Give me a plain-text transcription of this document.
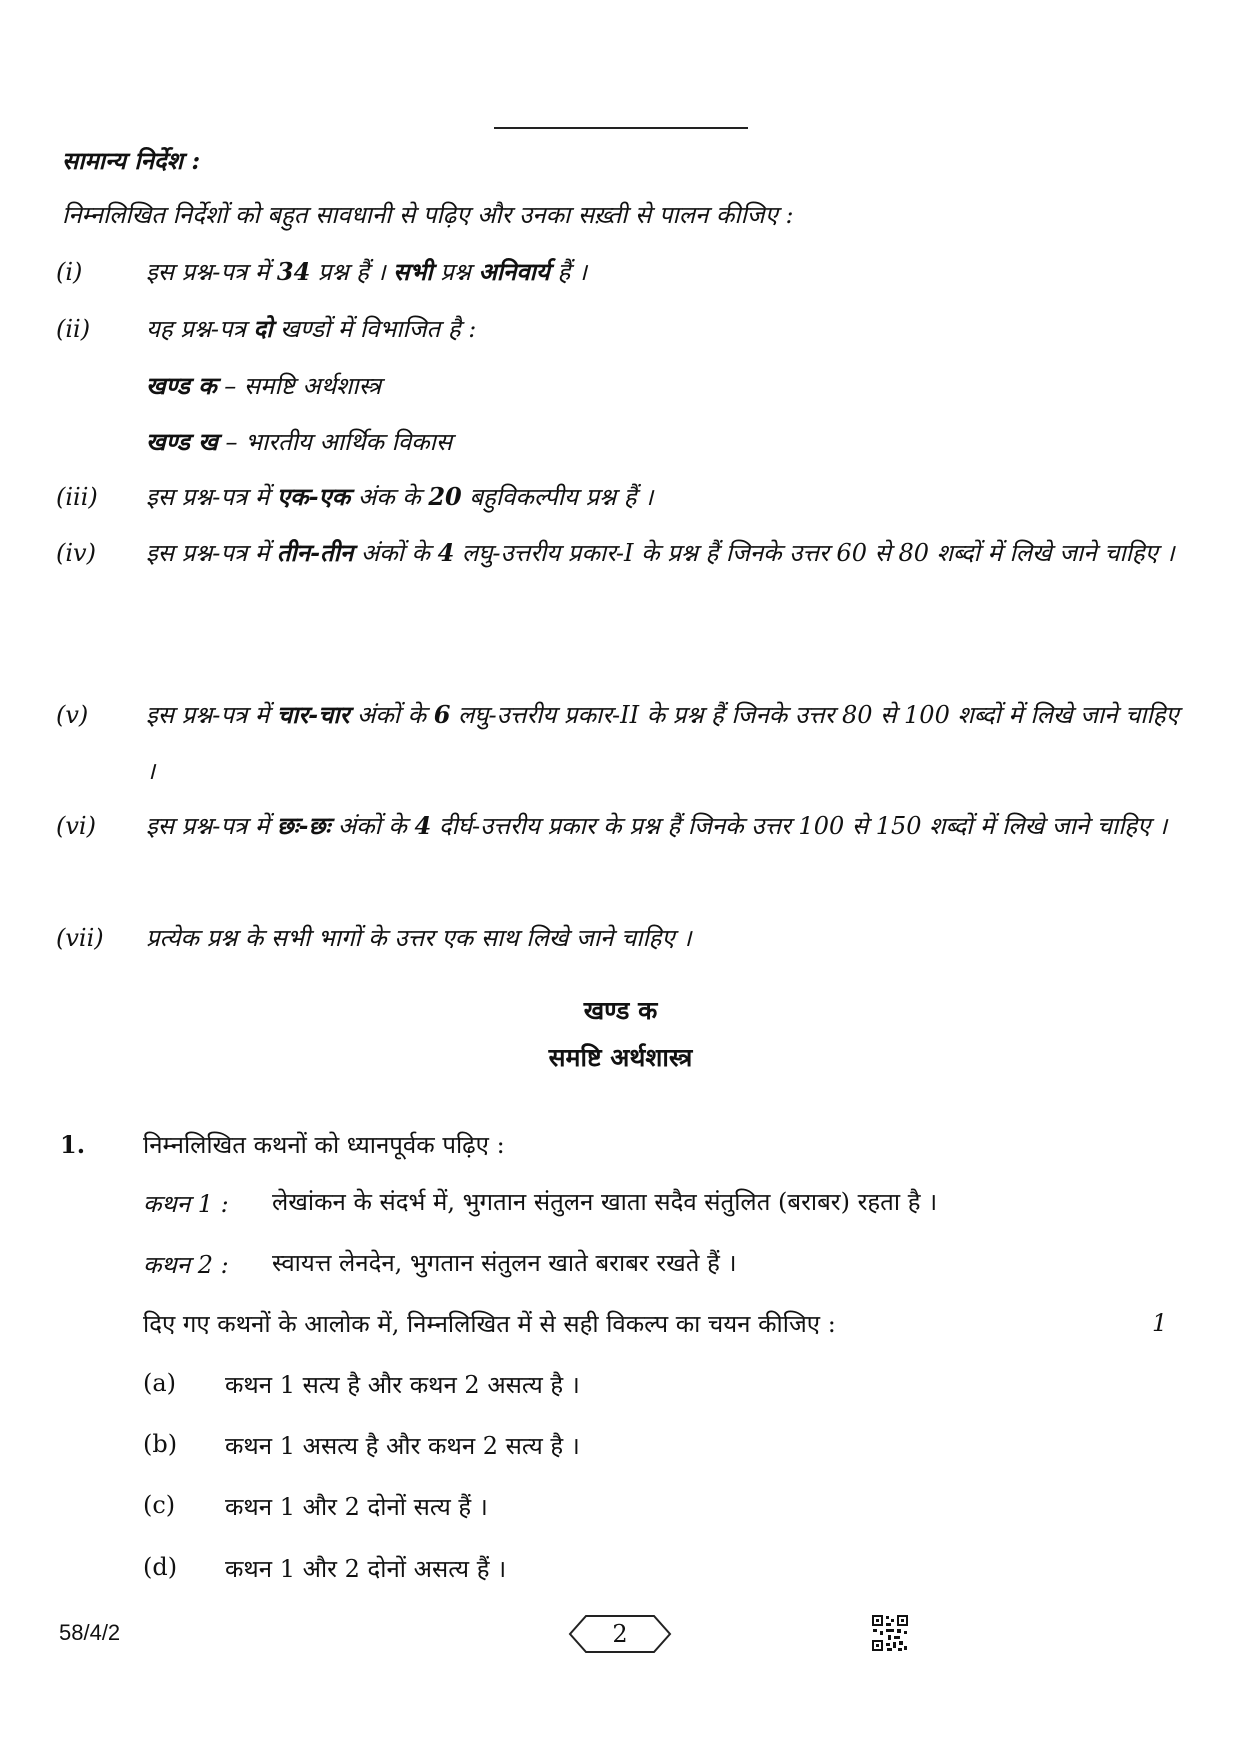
सामान्य निर्देश :
निम्नलिखित निर्देशों को बहुत सावधानी से पढ़िए और उनका सख़्ती से पालन कीजिए :
(i)	इस प्रश्न-पत्र में 34 प्रश्न हैं । सभी प्रश्न अनिवार्य हैं ।
(ii) यह प्रश्न-पत्र दो खण्डों में विभाजित है :
खण्ड क – समष्टि अर्थशास्त्र
खण्ड ख – भारतीय आर्थिक विकास
(iii) इस प्रश्न-पत्र में एक-एक अंक के 20 बहुविकल्पीय प्रश्न हैं ।
(iv) इस प्रश्न-पत्र में तीन-तीन अंकों के 4 लघु-उत्तरीय प्रकार-I के प्रश्न हैं जिनके उत्तर 60 से 80 शब्दों में लिखे जाने चाहिए ।
(v) इस प्रश्न-पत्र में चार-चार अंकों के 6 लघु-उत्तरीय प्रकार-II के प्रश्न हैं जिनके उत्तर 80 से 100 शब्दों में लिखे जाने चाहिए ।
(vi) इस प्रश्न-पत्र में छः-छः अंकों के 4 दीर्घ-उत्तरीय प्रकार के प्रश्न हैं जिनके उत्तर 100 से 150 शब्दों में लिखे जाने चाहिए ।
(vii) प्रत्येक प्रश्न के सभी भागों के उत्तर एक साथ लिखे जाने चाहिए ।
खण्ड क
समष्टि अर्थशास्त्र
1. निम्नलिखित कथनों को ध्यानपूर्वक पढ़िए :
कथन 1 : लेखांकन के संदर्भ में, भुगतान संतुलन खाता सदैव संतुलित (बराबर) रहता है ।
कथन 2 : स्वायत्त लेनदेन, भुगतान संतुलन खाते बराबर रखते हैं ।
दिए गए कथनों के आलोक में, निम्नलिखित में से सही विकल्प का चयन कीजिए :	1
(a) कथन 1 सत्य है और कथन 2 असत्य है ।
(b) कथन 1 असत्य है और कथन 2 सत्य है ।
(c) कथन 1 और 2 दोनों सत्य हैं ।
(d) कथन 1 और 2 दोनों असत्य हैं ।
58/4/2	2
